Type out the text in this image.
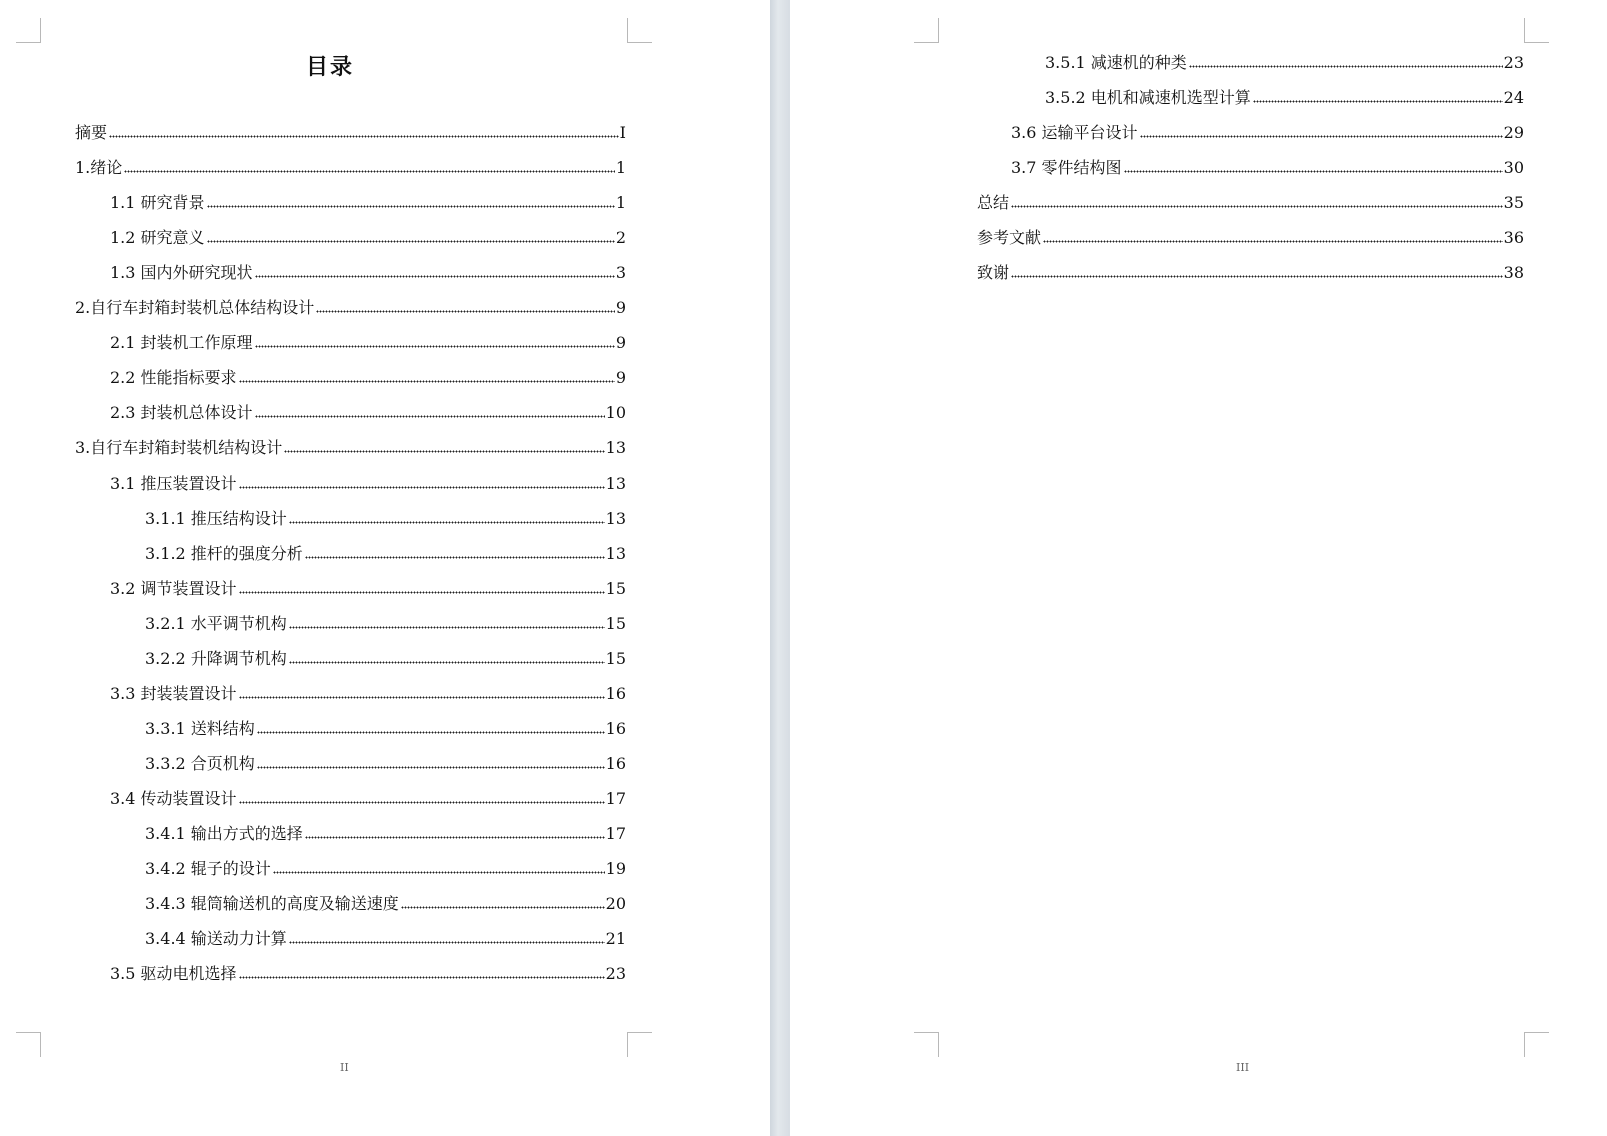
目录
摘要	I
1.绪论	1
1.1 研究背景	1
1.2 研究意义	2
1.3 国内外研究现状	3
2.自行车封箱封装机总体结构设计	9
2.1 封装机工作原理	9
2.2 性能指标要求	9
2.3 封装机总体设计	10
3.自行车封箱封装机结构设计	13
3.1 推压装置设计	13
3.1.1 推压结构设计	13
3.1.2 推杆的强度分析	13
3.2 调节装置设计	15
3.2.1 水平调节机构	15
3.2.2 升降调节机构	15
3.3 封装装置设计	16
3.3.1 送料结构	16
3.3.2 合页机构	16
3.4 传动装置设计	17
3.4.1 输出方式的选择	17
3.4.2 辊子的设计	19
3.4.3 辊筒输送机的高度及输送速度	20
3.4.4 输送动力计算	21
3.5 驱动电机选择	23
II
3.5.1 减速机的种类	23
3.5.2 电机和减速机选型计算	24
3.6 运输平台设计	29
3.7 零件结构图	30
总结	35
参考文献	36
致谢	38
III
